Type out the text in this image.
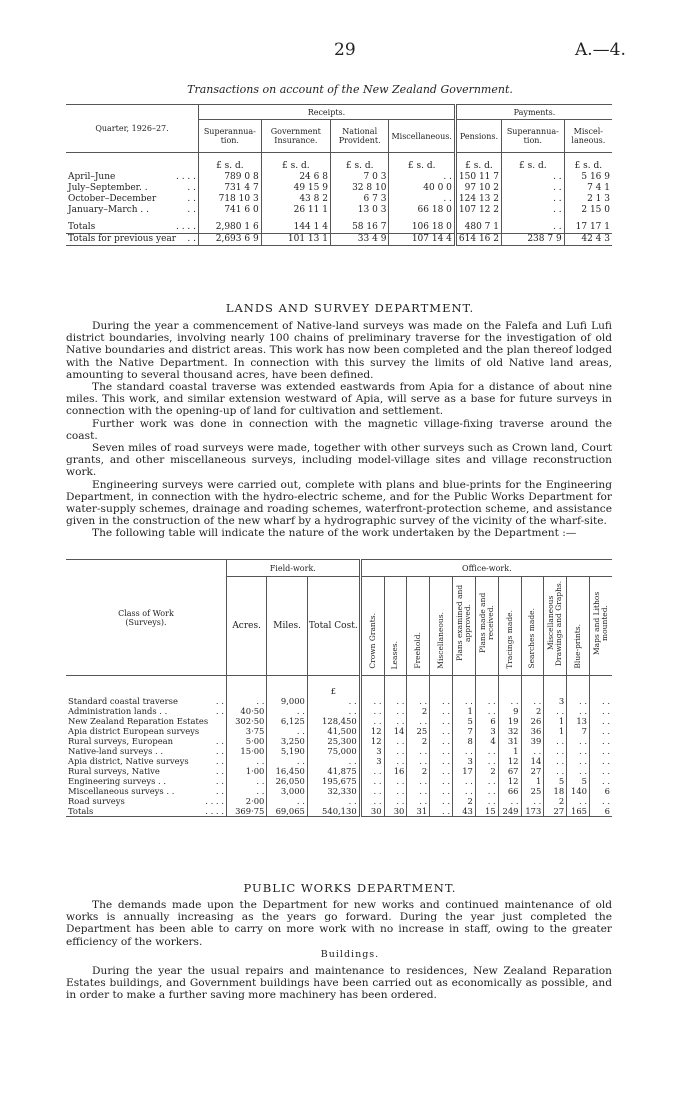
29	A.—4.
Transactions on account of the New Zealand Government.
Quarter, 1926–27.	Receipts.				Payments.		
	Superannua-tion.	Government Insurance.	National Provident.	Miscellaneous.	Pensions.	Superannua-tion.	Miscel-laneous.
	£ s. d.	£ s. d.	£ s. d.	£ s. d.	£ s. d.	£ s. d.	£ s. d.
April–June . . . .	789 0 8	24 6 8	7 0 3	. .	150 11 7	. .	5 16 9
July–September. . . .	731 4 7	49 15 9	32 8 10	40 0 0	97 10 2	. .	7 4 1
October–December . .	718 10 3	43 8 2	6 7 3	. .	124 13 2	. .	2 1 3
January–March . . . .	741 6 0	26 11 1	13 0 3	66 18 0	107 12 2	. .	2 15 0
Totals . . . .	2,980 1 6	144 1 4	58 16 7	106 18 0	480 7 1	. .	17 17 1
Totals for previous year . .	2,693 6 9	101 13 1	33 4 9	107 14 4	614 16 2	238 7 9	42 4 3
LANDS AND SURVEY DEPARTMENT.

During the year a commencement of Native-land surveys was made on the Falefa and Lufi Lufi district boundaries, involving nearly 100 chains of preliminary traverse for the investigation of old Native boundaries and district areas. This work has now been completed and the plan thereof lodged with the Native Department. In connection with this survey the limits of old Native land areas, amounting to several thousand acres, have been defined.

The standard coastal traverse was extended eastwards from Apia for a distance of about nine miles. This work, and similar extension westward of Apia, will serve as a base for future surveys in connection with the opening-up of land for cultivation and settlement.

Further work was done in connection with the magnetic village-fixing traverse around the coast.

Seven miles of road surveys were made, together with other surveys such as Crown land, Court grants, and other miscellaneous surveys, including model-village sites and village reconstruction work.

Engineering surveys were carried out, complete with plans and blue-prints for the Engineering Department, in connection with the hydro-electric scheme, and for the Public Works Department for water-supply schemes, drainage and roading schemes, waterfront-protection scheme, and assistance given in the construction of the new wharf by a hydrographic survey of the vicinity of the wharf-site.

The following table will indicate the nature of the work undertaken by the Department :—

Class of Work (Surveys).	Field-work.			Office-work.										
	Acres.	Miles.	Total Cost.	Crown Grants.	Leases.	Freehold.	Miscellaneous.	Plans examined and approved.	Plans made and received.	Tracings made.	Searches made.	Miscellaneous Drawings and Graphs.	Blue-prints.	Maps and Lithos mounted.
			£											
Standard coastal traverse . .	. .	9,000	. .	. .	. .	. .	. .	. .	. .	. .	. .	3	. .	. .
Administration lands . . . .	40·50	. .	. .	. .	. .	2	. .	1	. .	9	2	. .	. .	. .
New Zealand Reparation Estates	302·50	6,125	128,450	. .	. .	. .	. .	5	6	19	26	1	13	. .
Apia district European surveys	3·75	. .	41,500	12	14	25	. .	7	3	32	36	1	7	. .
Rural surveys, European . .	5·00	3,250	25,300	12	. .	2	. .	8	4	31	39	. .	. .	. .
Native-land surveys . . . .	15·00	5,190	75,000	3	. .	. .	. .	. .	. .	1	. .	. .	. .	. .
Apia district, Native surveys . .	. .	. .	. .	3	. .	. .	. .	3	. .	12	14	. .	. .	. .
Rural surveys, Native . .	1·00	16,450	41,875	. .	16	2	. .	17	2	67	27	. .	. .	. .
Engineering surveys . . . .	. .	26,050	195,675	. .	. .	. .	. .	. .	. .	12	1	5	5	. .
Miscellaneous surveys . . . .	. .	3,000	32,330	. .	. .	. .	. .	. .	. .	66	25	18	140	6
Road surveys . . . .	2·00	. .	. .	. .	. .	. .	. .	2	. .	. .	. .	2	. .	. .
Totals . . . .	369·75	69,065	540,130	30	30	31	. .	43	15	249	173	27	165	6
PUBLIC WORKS DEPARTMENT.

The demands made upon the Department for new works and continued maintenance of old works is annually increasing as the years go forward. During the year just completed the Department has been able to carry on more work with no increase in staff, owing to the greater efficiency of the workers.

Buildings.

During the year the usual repairs and maintenance to residences, New Zealand Reparation Estates buildings, and Government buildings have been carried out as economically as possible, and in order to make a further saving more machinery has been ordered.
